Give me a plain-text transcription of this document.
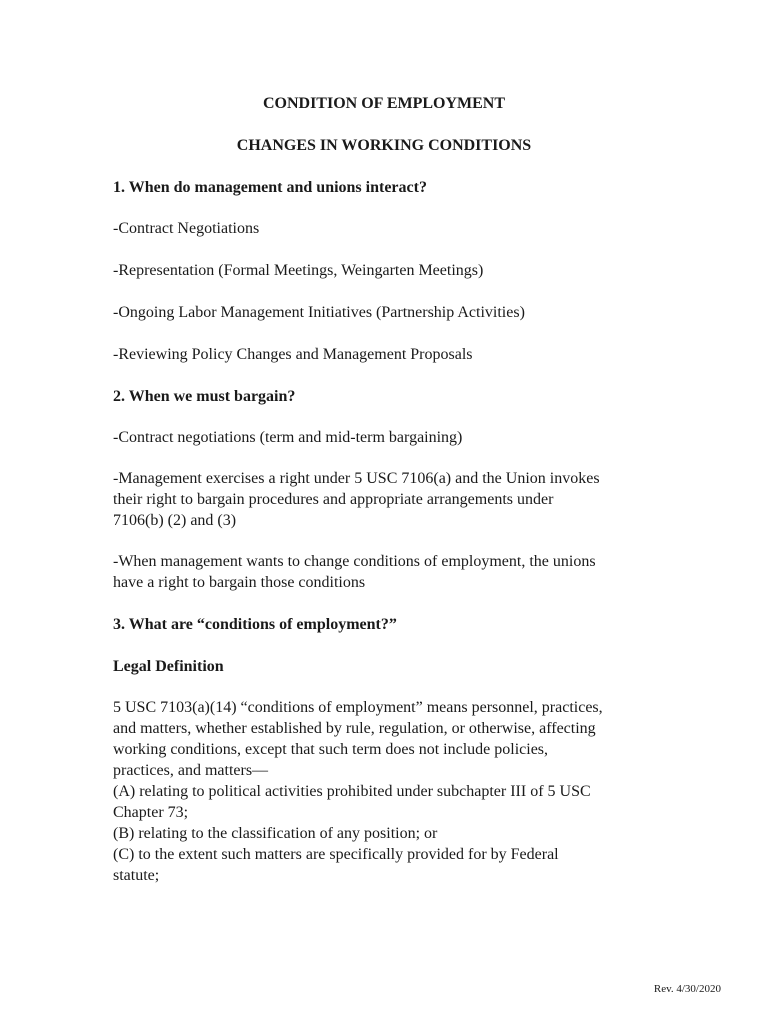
CONDITION OF EMPLOYMENT
CHANGES IN WORKING CONDITIONS
1. When do management and unions interact?
-Contract Negotiations
-Representation (Formal Meetings, Weingarten Meetings)
-Ongoing Labor Management Initiatives (Partnership Activities)
-Reviewing Policy Changes and Management Proposals
2. When we must bargain?
-Contract negotiations (term and mid-term bargaining)
-Management exercises a right under 5 USC 7106(a) and the Union invokes
their right to bargain procedures and appropriate arrangements under
7106(b) (2) and (3)
-When management wants to change conditions of employment, the unions
have a right to bargain those conditions
3. What are “conditions of employment?”
Legal Definition
5 USC 7103(a)(14) “conditions of employment” means personnel, practices,
and matters, whether established by rule, regulation, or otherwise, affecting
working conditions, except that such term does not include policies,
practices, and matters—
(A) relating to political activities prohibited under subchapter III of 5 USC
Chapter 73;
(B) relating to the classification of any position; or
(C) to the extent such matters are specifically provided for by Federal
statute;
Rev. 4/30/2020
